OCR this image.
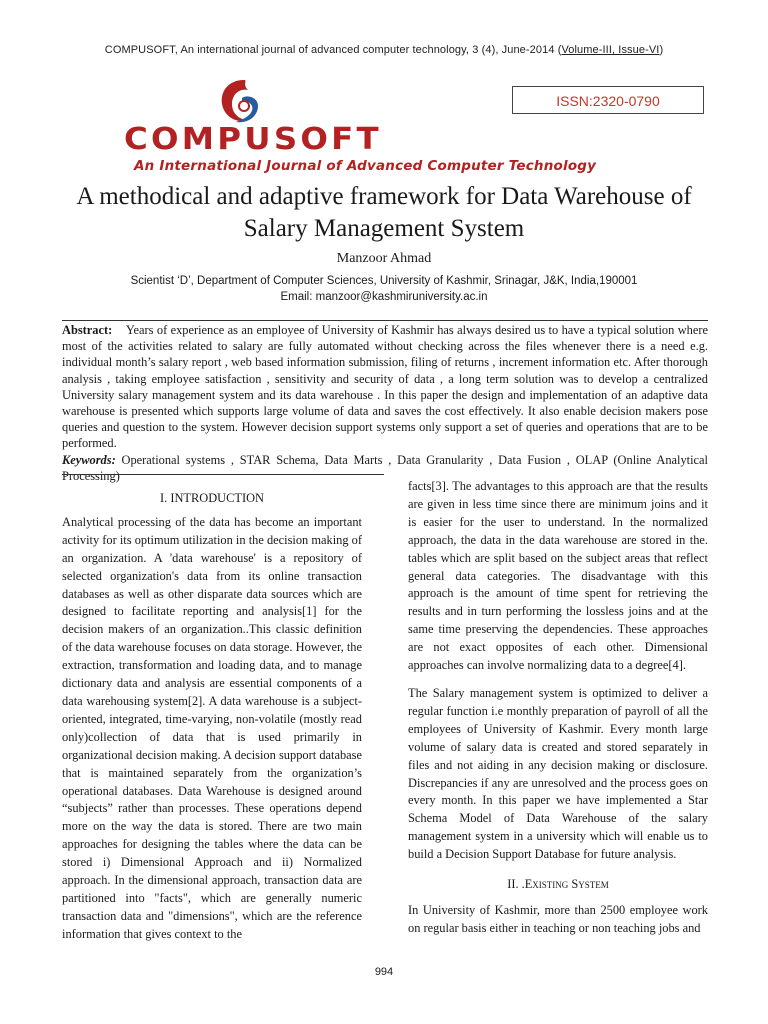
COMPUSOFT, An international journal of advanced computer technology, 3 (4), June-2014 (Volume-III, Issue-VI)
ISSN:2320-0790
COMPUSOFT
An International Journal of Advanced Computer Technology
A methodical and adaptive framework for Data Warehouse of Salary Management System
Manzoor Ahmad
Scientist ‘D’, Department of Computer Sciences, University of Kashmir, Srinagar, J&K, India,190001
Email: manzoor@kashmiruniversity.ac.in
Abstract: Years of experience as an employee of University of Kashmir has always desired us to have a typical solution where most of the activities related to salary are fully automated without checking across the files whenever there is a need e.g. individual month’s salary report , web based information submission, filing of returns , increment information etc. After thorough analysis , taking employee satisfaction , sensitivity and security of data , a long term solution was to develop a centralized University salary management system and its data warehouse . In this paper the design and implementation of an adaptive data warehouse is presented which supports large volume of data and saves the cost effectively. It also enable decision makers pose queries and question to the system. However decision support systems only support a set of queries and operations that are to be performed.
Keywords: Operational systems , STAR Schema, Data Marts , Data Granularity , Data Fusion , OLAP (Online Analytical Processing)
I. INTRODUCTION

Analytical processing of the data has become an important activity for its optimum utilization in the decision making of an organization. A 'data warehouse' is a repository of selected organization's data from its online transaction databases as well as other disparate data sources which are designed to facilitate reporting and analysis[1] for the decision makers of an organization..This classic definition of the data warehouse focuses on data storage. However, the extraction, transformation and loading data, and to manage dictionary data and analysis are essential components of a data warehousing system[2]. A data warehouse is a subject-oriented, integrated, time-varying, non-volatile (mostly read only)collection of data that is used primarily in organizational decision making. A decision support database that is maintained separately from the organization’s operational databases. Data Warehouse is designed around “subjects” rather than processes. These operations depend more on the way the data is stored. There are two main approaches for designing the tables where the data can be stored i) Dimensional Approach and ii) Normalized approach. In the dimensional approach, transaction data are partitioned into "facts", which are generally numeric transaction data and "dimensions", which are the reference information that gives context to the

facts[3]. The advantages to this approach are that the results are given in less time since there are minimum joins and it is easier for the user to understand. In the normalized approach, the data in the data warehouse are stored in the. tables which are split based on the subject areas that reflect general data categories. The disadvantage with this approach is the amount of time spent for retrieving the results and in turn performing the lossless joins and at the same time preserving the dependencies. These approaches are not exact opposites of each other. Dimensional approaches can involve normalizing data to a degree[4].

The Salary management system is optimized to deliver a regular function i.e monthly preparation of payroll of all the employees of University of Kashmir. Every month large volume of salary data is created and stored separately in files and not aiding in any decision making or disclosure. Discrepancies if any are unresolved and the process goes on every month. In this paper we have implemented a Star Schema Model of Data Warehouse of the salary management system in a university which will enable us to build a Decision Support Database for future analysis.

II. .Existing System

In University of Kashmir, more than 2500 employee work on regular basis either in teaching or non teaching jobs and

994
